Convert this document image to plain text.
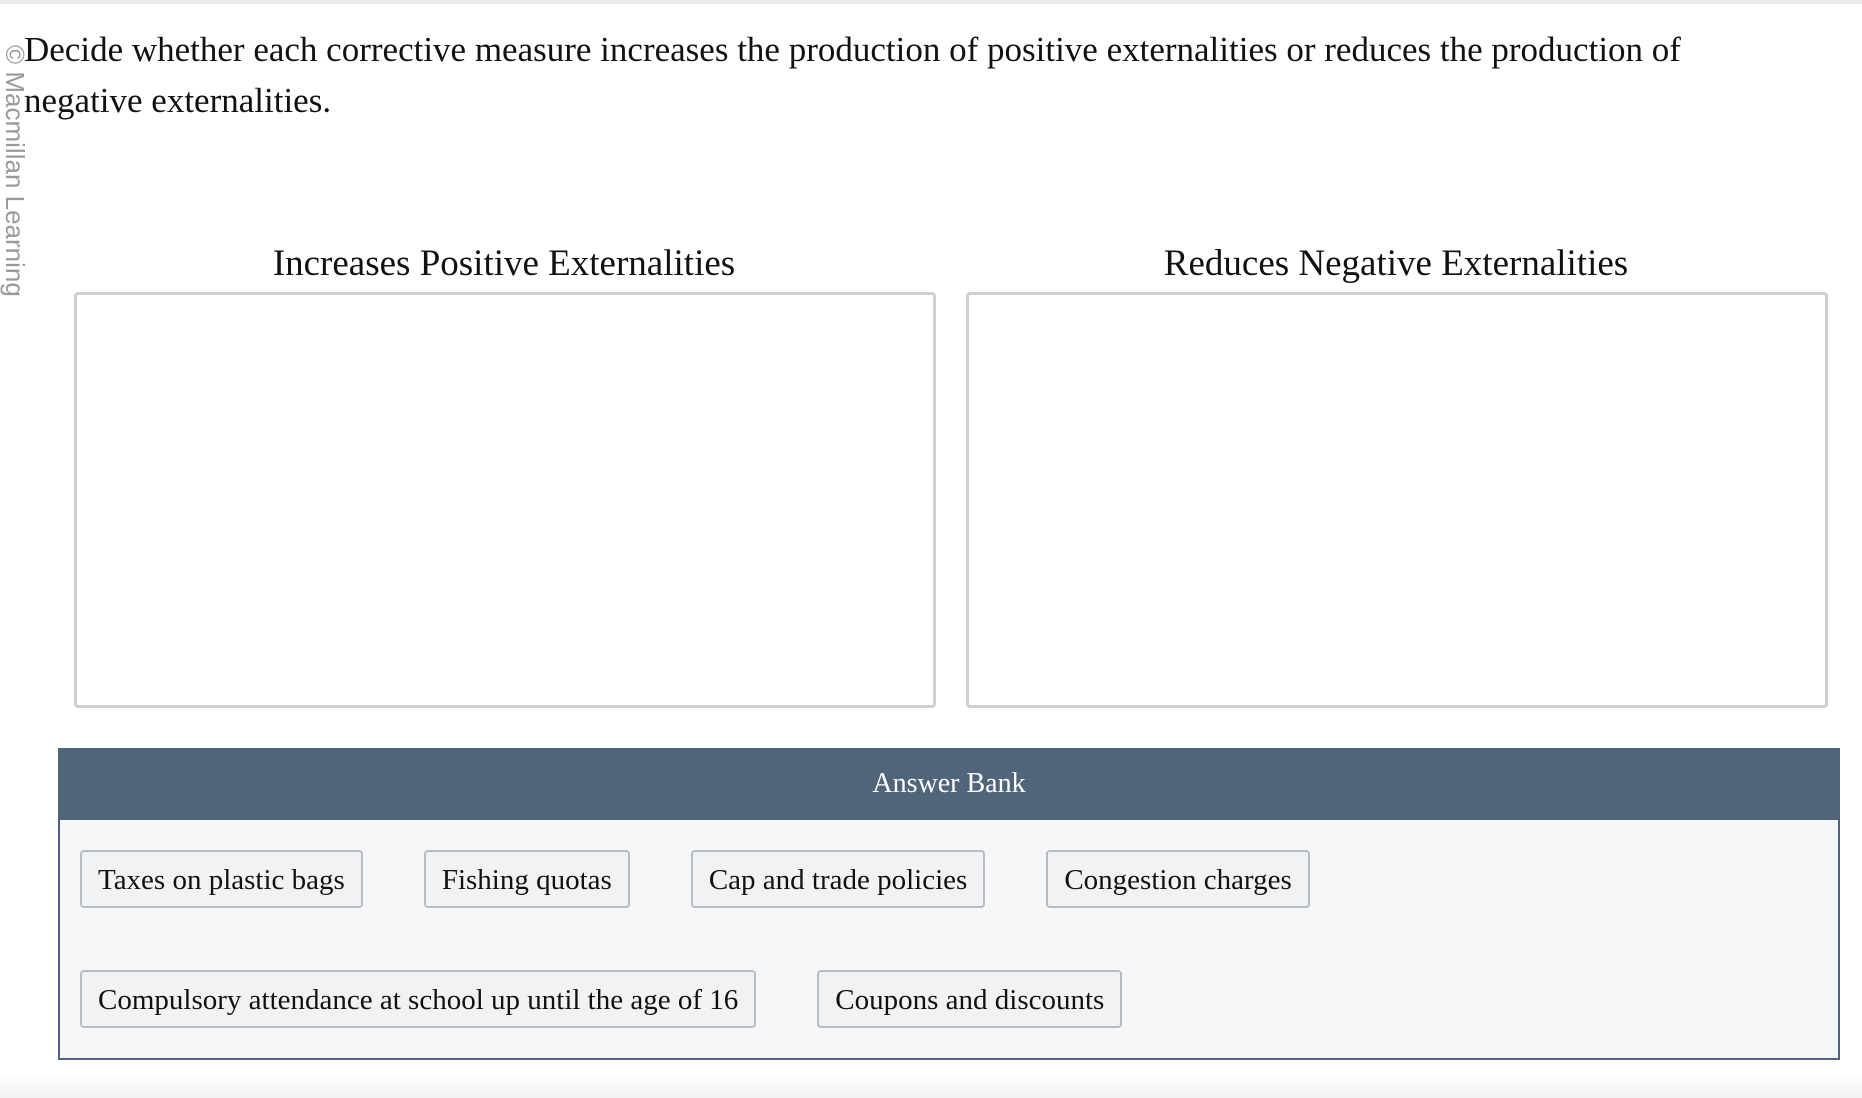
© Macmillan Learning

Decide whether each corrective measure increases the production of positive externalities or reduces the production of negative externalities.

Increases Positive Externalities	Reduces Negative Externalities
Answer Bank
Taxes on plastic bags	Fishing quotas	Cap and trade policies	Congestion charges
Compulsory attendance at school up until the age of 16	Coupons and discounts
